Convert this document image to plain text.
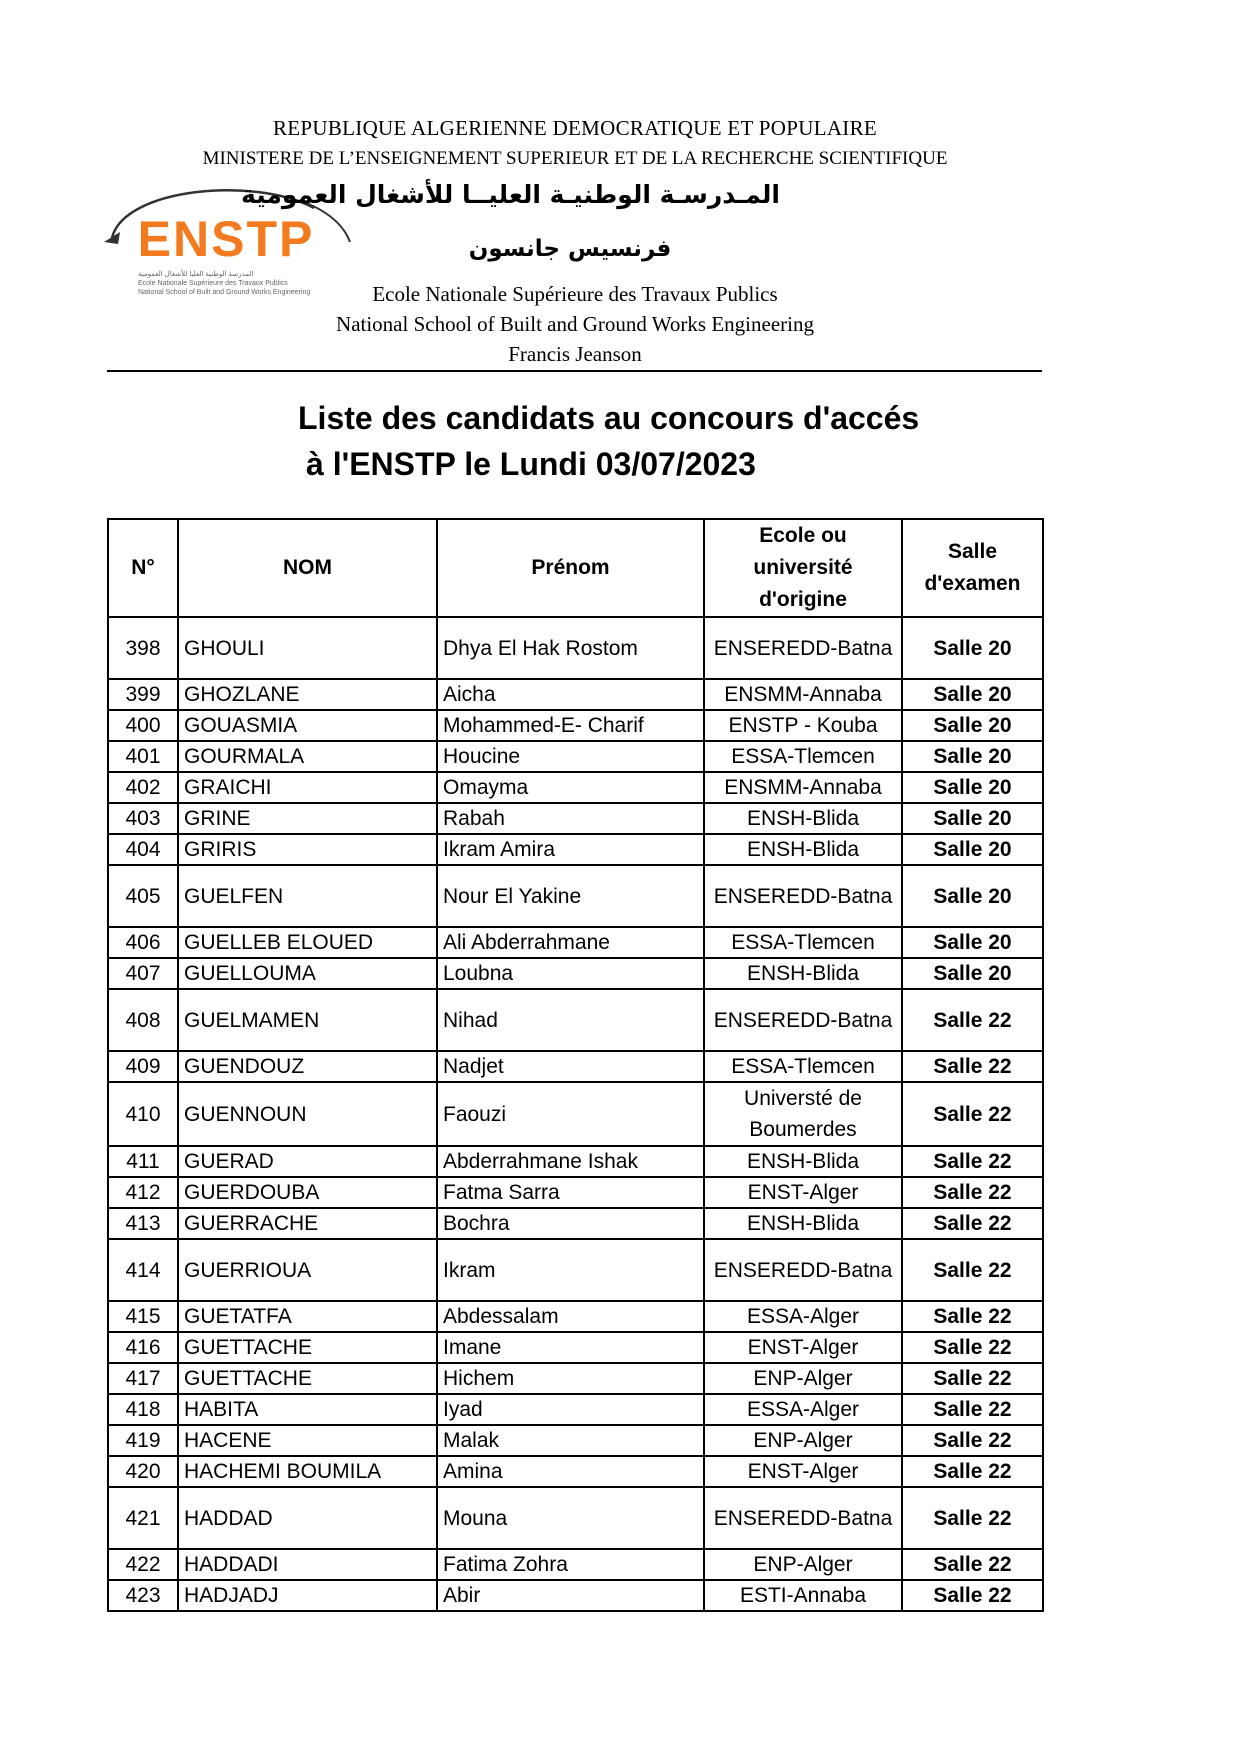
REPUBLIQUE ALGERIENNE DEMOCRATIQUE ET POPULAIRE
MINISTERE DE L’ENSEIGNEMENT SUPERIEUR ET DE LA RECHERCHE SCIENTIFIQUE
ENSTP
المدرسة الوطنية العليا للأشغال العمومية
Ecole Nationale Supérieure des Travaux Publics
National School of Built and Ground Works Engineering
المـدرسـة الوطنيـة العليــا للأشغال العمومية
فرنسيس جانسون
Ecole Nationale Supérieure des Travaux Publics
National School of Built and Ground Works Engineering
Francis Jeanson
Liste des candidats au concours d'accés
à l'ENSTP le Lundi 03/07/2023
N°	NOM	Prénom	Ecole ou université d'origine	Salle d'examen
398	GHOULI	Dhya El Hak Rostom	ENSEREDD-Batna	Salle 20
399	GHOZLANE	Aicha	ENSMM-Annaba	Salle 20
400	GOUASMIA	Mohammed-E- Charif	ENSTP - Kouba	Salle 20
401	GOURMALA	Houcine	ESSA-Tlemcen	Salle 20
402	GRAICHI	Omayma	ENSMM-Annaba	Salle 20
403	GRINE	Rabah	ENSH-Blida	Salle 20
404	GRIRIS	Ikram Amira	ENSH-Blida	Salle 20
405	GUELFEN	Nour El Yakine	ENSEREDD-Batna	Salle 20
406	GUELLEB ELOUED	Ali Abderrahmane	ESSA-Tlemcen	Salle 20
407	GUELLOUMA	Loubna	ENSH-Blida	Salle 20
408	GUELMAMEN	Nihad	ENSEREDD-Batna	Salle 22
409	GUENDOUZ	Nadjet	ESSA-Tlemcen	Salle 22
410	GUENNOUN	Faouzi	Universté de Boumerdes	Salle 22
411	GUERAD	Abderrahmane Ishak	ENSH-Blida	Salle 22
412	GUERDOUBA	Fatma Sarra	ENST-Alger	Salle 22
413	GUERRACHE	Bochra	ENSH-Blida	Salle 22
414	GUERRIOUA	Ikram	ENSEREDD-Batna	Salle 22
415	GUETATFA	Abdessalam	ESSA-Alger	Salle 22
416	GUETTACHE	Imane	ENST-Alger	Salle 22
417	GUETTACHE	Hichem	ENP-Alger	Salle 22
418	HABITA	Iyad	ESSA-Alger	Salle 22
419	HACENE	Malak	ENP-Alger	Salle 22
420	HACHEMI BOUMILA	Amina	ENST-Alger	Salle 22
421	HADDAD	Mouna	ENSEREDD-Batna	Salle 22
422	HADDADI	Fatima Zohra	ENP-Alger	Salle 22
423	HADJADJ	Abir	ESTI-Annaba	Salle 22
